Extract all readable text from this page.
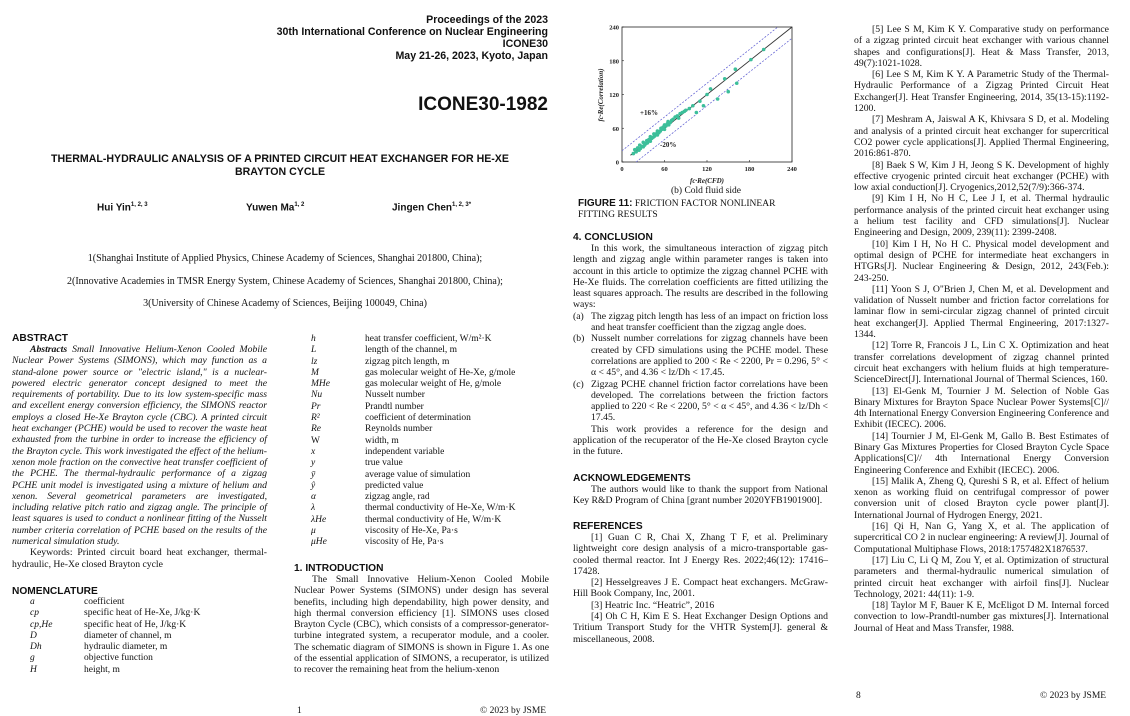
Proceedings of the 2023
30th International Conference on Nuclear Engineering
ICONE30
May 21-26, 2023, Kyoto, Japan
ICONE30-1982
THERMAL-HYDRAULIC ANALYSIS OF A PRINTED CIRCUIT HEAT EXCHANGER FOR HE-XE BRAYTON CYCLE
Hui Yin$^{1, 2, 3}$	Yuwen Ma$^{1, 2}$	Jingen Chen$^{1, 2, 3*}$
1(Shanghai Institute of Applied Physics, Chinese Academy of Sciences, Shanghai 201800, China);
2(Innovative Academies in TMSR Energy System, Chinese Academy of Sciences, Shanghai 201800, China);
3(University of Chinese Academy of Sciences, Beijing 100049, China)
ABSTRACT
Abstracts Small Innovative Helium-Xenon Cooled Mobile Nuclear Power Systems (SIMONS), which may function as a stand-alone power source or "electric island," is a nuclear-powered electric generator concept designed to meet the requirements of portability. Due to its low system-specific mass and excellent energy conversion efficiency, the SIMONS reactor employs a closed He-Xe Brayton cycle (CBC). A printed circuit heat exchanger (PCHE) would be used to recover the waste heat exhausted from the turbine in order to increase the efficiency of the Brayton cycle. This work investigated the effect of the helium-xenon mole fraction on the convective heat transfer coefficient of the PCHE. The thermal-hydraulic performance of a zigzag PCHE unit model is investigated using a mixture of helium and xenon. Several geometrical parameters are investigated, including relative pitch ratio and zigzag angle. The principle of least squares is used to conduct a nonlinear fitting of the Nusselt number criteria correlation of PCHE based on the results of the numerical simulation study.
Keywords: Printed circuit board heat exchanger, thermal-hydraulic, He-Xe closed Brayton cycle
NOMENCLATURE
a	coefficient
cp	specific heat of He-Xe, J/kg·K
cp,He	specific heat of He, J/kg·K
D	diameter of channel, m
Dh	hydraulic diameter, m
g	objective function
H	height, m
h	heat transfer coefficient, W/m²·K
L	length of the channel, m
lz	zigzag pitch length, m
M	gas molecular weight of He-Xe, g/mole
MHe	gas molecular weight of He, g/mole
Nu	Nusselt number
Pr	Prandtl number
R²	coefficient of determination
Re	Reynolds number
W	width, m
x	independent variable
y	true value
ȳ	average value of simulation
ŷ	predicted value
α	zigzag angle, rad
λ	thermal conductivity of He-Xe, W/m·K
λHe	thermal conductivity of He, W/m·K
μ	viscosity of He-Xe, Pa·s
μHe	viscosity of He, Pa·s
1. INTRODUCTION
The Small Innovative Helium-Xenon Cooled Mobile Nuclear Power Systems (SIMONS) under design has several benefits, including high dependability, high power density, and high thermal conversion efficiency [1]. SIMONS uses closed Brayton Cycle (CBC), which consists of a compressor-generator-turbine integrated system, a recuperator module, and a cooler. The schematic diagram of SIMONS is shown in Figure 1. As one of the essential application of SIMONS, a recuperator, is utilized to recover the remaining heat from the helium-xenon
1	© 2023 by JSME
0	60	120	180	240
0
60
120
180
240
+16%
-20%
fc·Re(CFD)
fc·Re(Correlation)
(b) Cold fluid side
FIGURE 11: FRICTION FACTOR NONLINEAR FITTING RESULTS
4. CONCLUSION
In this work, the simultaneous interaction of zigzag pitch length and zigzag angle within parameter ranges is taken into account in this article to optimize the zigzag channel PCHE with He-Xe fluids. The correlation coefficients are fitted utilizing the least squares approach. The results are described in the following ways:
(a) The zigzag pitch length has less of an impact on friction loss and heat transfer coefficient than the zigzag angle does.
(b) Nusselt number correlations for zigzag channels have been created by CFD simulations using the PCHE model. These correlations are applied to 200 < Re < 2200, Pr = 0.296, 5° < α < 45°, and 4.36 < lz/Dh < 17.45.
(c) Zigzag PCHE channel friction factor correlations have been developed. The correlations between the friction factors applied to 220 < Re < 2200, 5° < α < 45°, and 4.36 < lz/Dh < 17.45.
This work provides a reference for the design and application of the recuperator of the He-Xe closed Brayton cycle in the future.
ACKNOWLEDGEMENTS
The authors would like to thank the support from National Key R&D Program of China [grant number 2020YFB1901900].
REFERENCES
[1] Guan C R, Chai X, Zhang T F, et al. Preliminary lightweight core design analysis of a micro-transportable gas-cooled thermal reactor. Int J Energy Res. 2022;46(12): 17416–17428.
[2] Hesselgreaves J E. Compact heat exchangers. McGraw-Hill Book Company, Inc, 2001.
[3] Heatric Inc. “Heatric”, 2016
[4] Oh C H, Kim E S. Heat Exchanger Design Options and Tritium Transport Study for the VHTR System[J]. general & miscellaneous, 2008.
[5] Lee S M, Kim K Y. Comparative study on performance of a zigzag printed circuit heat exchanger with various channel shapes and configurations[J]. Heat & Mass Transfer, 2013, 49(7):1021-1028.
[6] Lee S M, Kim K Y. A Parametric Study of the Thermal-Hydraulic Performance of a Zigzag Printed Circuit Heat Exchanger[J]. Heat Transfer Engineering, 2014, 35(13-15):1192-1200.
[7] Meshram A, Jaiswal A K, Khivsara S D, et al. Modeling and analysis of a printed circuit heat exchanger for supercritical CO2 power cycle applications[J]. Applied Thermal Engineering, 2016:861-870.
[8] Baek S W, Kim J H, Jeong S K. Development of highly effective cryogenic printed circuit heat exchanger (PCHE) with low axial conduction[J]. Cryogenics,2012,52(7/9):366-374.
[9] Kim I H, No H C, Lee J I, et al. Thermal hydraulic performance analysis of the printed circuit heat exchanger using a helium test facility and CFD simulations[J]. Nuclear Engineering and Design, 2009, 239(11): 2399-2408.
[10] Kim I H, No H C. Physical model development and optimal design of PCHE for intermediate heat exchangers in HTGRs[J]. Nuclear Engineering & Design, 2012, 243(Feb.): 243-250.
[11] Yoon S J, O"Brien J, Chen M, et al. Development and validation of Nusselt number and friction factor correlations for laminar flow in semi-circular zigzag channel of printed circuit heat exchanger[J]. Applied Thermal Engineering, 2017:1327-1344.
[12] Torre R, Francois J L, Lin C X. Optimization and heat transfer correlations development of zigzag channel printed circuit heat exchangers with helium fluids at high temperature-ScienceDirect[J]. International Journal of Thermal Sciences, 160.
[13] El-Genk M, Tournier J M. Selection of Noble Gas Binary Mixtures for Brayton Space Nuclear Power Systems[C]// 4th International Energy Conversion Engineering Conference and Exhibit (IECEC). 2006.
[14] Tournier J M, El-Genk M, Gallo B. Best Estimates of Binary Gas Mixtures Properties for Closed Brayton Cycle Space Applications[C]// 4th International Energy Conversion Engineering Conference and Exhibit (IECEC). 2006.
[15] Malik A, Zheng Q, Qureshi S R, et al. Effect of helium xenon as working fluid on centrifugal compressor of power conversion unit of closed Brayton cycle power plant[J]. International Journal of Hydrogen Energy, 2021.
[16] Qi H, Nan G, Yang X, et al. The application of supercritical CO 2 in nuclear engineering: A review[J]. Journal of Computational Multiphase Flows, 2018:1757482X1876537.
[17] Liu C, Li Q M, Zou Y, et al. Optimization of structural parameters and thermal-hydraulic numerical simulation of printed circuit heat exchanger with airfoil fins[J]. Nuclear Technology, 2021: 44(11): 1-9.
[18] Taylor M F, Bauer K E, McEligot D M. Internal forced convection to low-Prandtl-number gas mixtures[J]. International Journal of Heat and Mass Transfer, 1988.
8	© 2023 by JSME
